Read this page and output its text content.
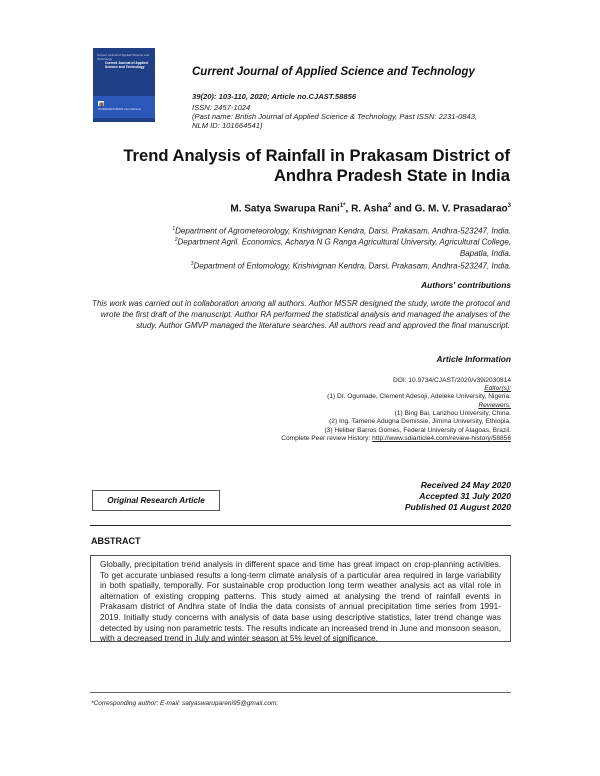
Current Journal of Applied Science and Technology
Current Journal of Applied Science and Technology
||||||||
SCIENCEDOMAIN international
Current Journal of Applied Science and Technology
39(20): 103-110, 2020; Article no.CJAST.58856
ISSN: 2457-1024
(Past name: British Journal of Applied Science & Technology, Past ISSN: 2231-0843,
NLM ID: 101664541)
Trend Analysis of Rainfall in Prakasam District of
Andhra Pradesh State in India
M. Satya Swarupa Rani$^{1*}$, R. Asha$^2$ and G. M. V. Prasadarao$^3$
$^1$Department of Agrometeorology, Krishivignan Kendra, Darsi, Prakasam, Andhra-523247, India.
$^2$Department Agril. Economics, Acharya N G Ranga Agricultural University, Agricultural College,
Bapatla, India.
$^3$Department of Entomology, Krishivignan Kendra, Darsi, Prakasam, Andhra-523247, India.
Authors' contributions
This work was carried out in collaboration among all authors. Author MSSR designed the study, wrote the protocol and wrote the first draft of the manuscript. Author RA performed the statistical analysis and managed the analyses of the study. Author GMVP managed the literature searches. All authors read and approved the final manuscript.
Article Information
DOI: 10.9734/CJAST/2020/v39i2030814
Editor(s):
(1) Dr. Ogunlade, Clement Adesoji, Adeleke University, Nigeria.
Reviewers:
(1) Bing Bai, Lanzhou University, China.
(2) Ing. Tamene Adugna Demissie, Jimma University, Ethiopia.
(3) Heliber Barros Gomes, Federal University of Alagoas, Brazil.
Complete Peer review History: http://www.sdiarticle4.com/review-history/58856
Original Research Article
Received 24 May 2020
Accepted 31 July 2020
Published 01 August 2020
ABSTRACT
Globally, precipitation trend analysis in different space and time has great impact on crop-planning activities. To get accurate unbiased results a long-term climate analysis of a particular area required in large variability in both spatially, temporally. For sustainable crop production long term weather analysis act as vital role in alternation of existing cropping patterns. This study aimed at analysing the trend of rainfall events in Prakasam district of Andhra state of India the data consists of annual precipitation time series from 1991-2019. Initially study concerns with analysis of data base using descriptive statistics, later trend change was detected by using non parametric tests. The results indicate an increased trend in June and monsoon season, with a decreased trend in July and winter season at 5% level of significance.
*Corresponding author: E-mail: satyaswarupareni95@gmail.com;
